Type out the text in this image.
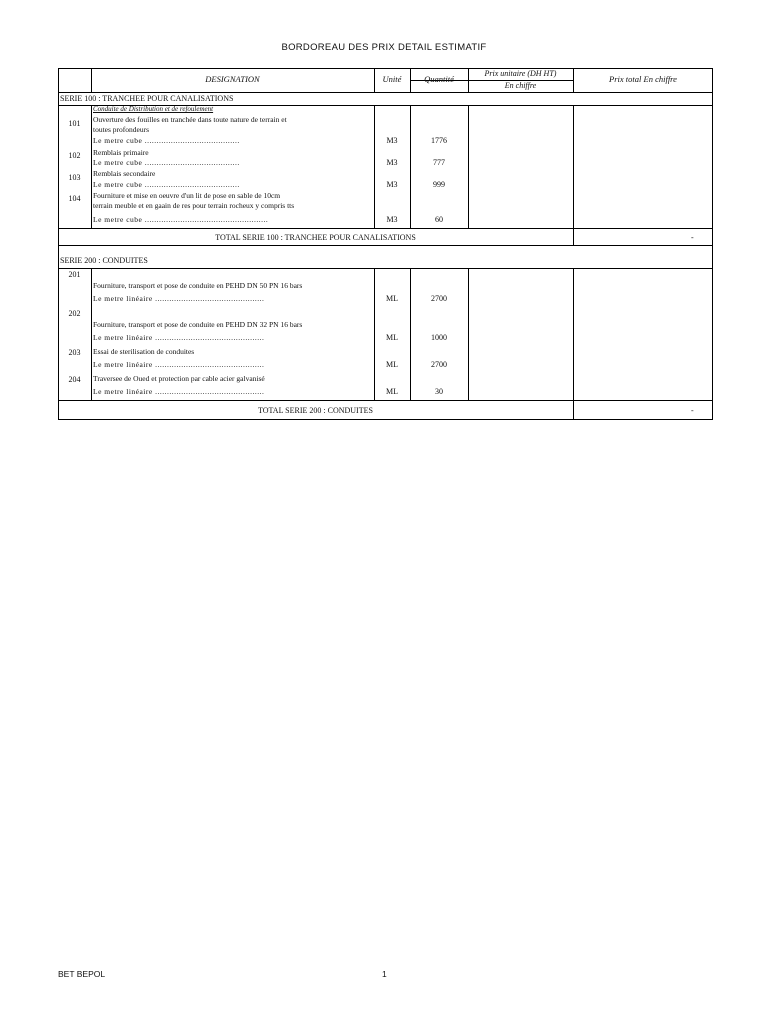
BORDOREAU DES PRIX DETAIL ESTIMATIF
DESIGNATION	Unité	Quantité
Prix unitaire (DH HT)
En chiffre
Prix total En chiffre
SERIE 100 : TRANCHEE POUR CANALISATIONS
Conduite de Distribution et de refoulement
101	Ouverture des fouilles en tranchée dans toute nature de terrain et
toutes profondeurs
Le metre cube ........................................	M3	1776
102	Remblais primaire
Le metre cube ........................................	M3	777
103	Remblais secondaire
Le metre cube ........................................	M3	999
104	Fourniture et mise en oeuvre d'un lit de pose en sable de 10cm
terrain meuble et en gaain de res pour terrain rocheux y compris tts
Le metre cube ....................................................	M3	60
TOTAL SERIE 100 : TRANCHEE POUR CANALISATIONS	-
SERIE 200 : CONDUITES
201
Fourniture, transport et pose de conduite en PEHD DN 50 PN 16 bars
Le metre linéaire ..............................................	ML	2700
202
Fourniture, transport et pose de conduite en PEHD DN 32 PN 16 bars
Le metre linéaire ..............................................	ML	1000
203	Essai de sterilisation de conduites
Le metre linéaire ..............................................	ML	2700
204	Traversee de Oued et protection par cable acier galvanisé
Le metre linéaire ..............................................	ML	30
TOTAL SERIE 200 : CONDUITES	-
BET BEPOL	1
